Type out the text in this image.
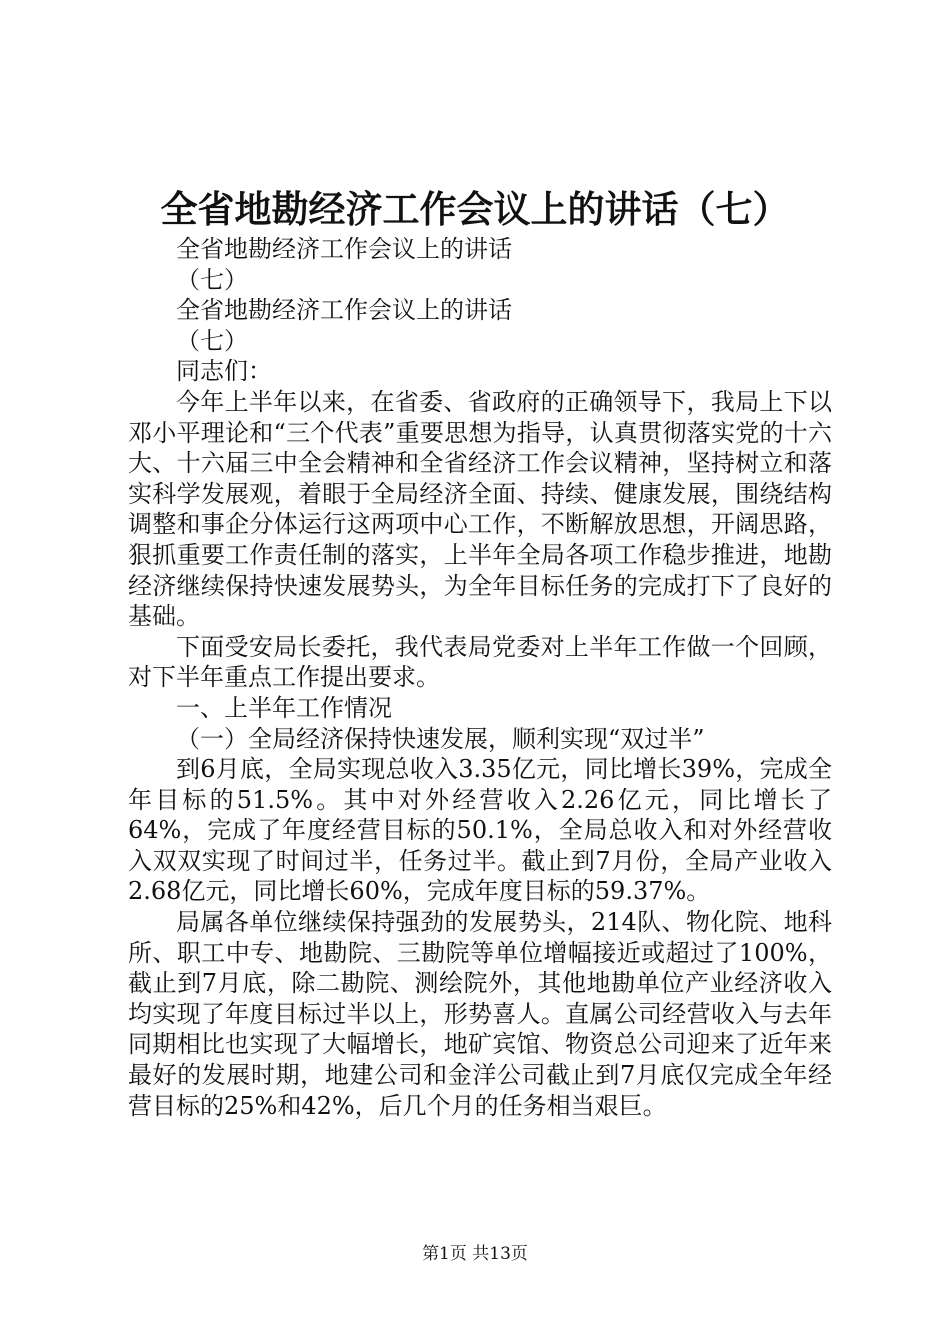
全省地勘经济工作会议上的讲话（七）

全省地勘经济工作会议上的讲话

（七）

全省地勘经济工作会议上的讲话

（七）

同志们：

今年上半年以来，在省委、省政府的正确领导下，我局上下以邓小平理论和“三个代表”重要思想为指导，认真贯彻落实党的十六大、十六届三中全会精神和全省经济工作会议精神，坚持树立和落实科学发展观，着眼于全局经济全面、持续、健康发展，围绕结构调整和事企分体运行这两项中心工作，不断解放思想，开阔思路，狠抓重要工作责任制的落实，上半年全局各项工作稳步推进，地勘经济继续保持快速发展势头，为全年目标任务的完成打下了良好的基础。

下面受安局长委托，我代表局党委对上半年工作做一个回顾，对下半年重点工作提出要求。

一、上半年工作情况

（一）全局经济保持快速发展，顺利实现“双过半”

到6月底，全局实现总收入3.35亿元，同比增长39%，完成全年目标的51.5%。其中对外经营收入2.26亿元，同比增长了64%，完成了年度经营目标的50.1%，全局总收入和对外经营收入双双实现了时间过半，任务过半。截止到7月份，全局产业收入2.68亿元，同比增长60%，完成年度目标的59.37%。

局属各单位继续保持强劲的发展势头，214队、物化院、地科所、职工中专、地勘院、三勘院等单位增幅接近或超过了100%，截止到7月底，除二勘院、测绘院外，其他地勘单位产业经济收入均实现了年度目标过半以上，形势喜人。直属公司经营收入与去年同期相比也实现了大幅增长，地矿宾馆、物资总公司迎来了近年来最好的发展时期，地建公司和金洋公司截止到7月底仅完成全年经营目标的25%和42%，后几个月的任务相当艰巨。

第1页 共13页
